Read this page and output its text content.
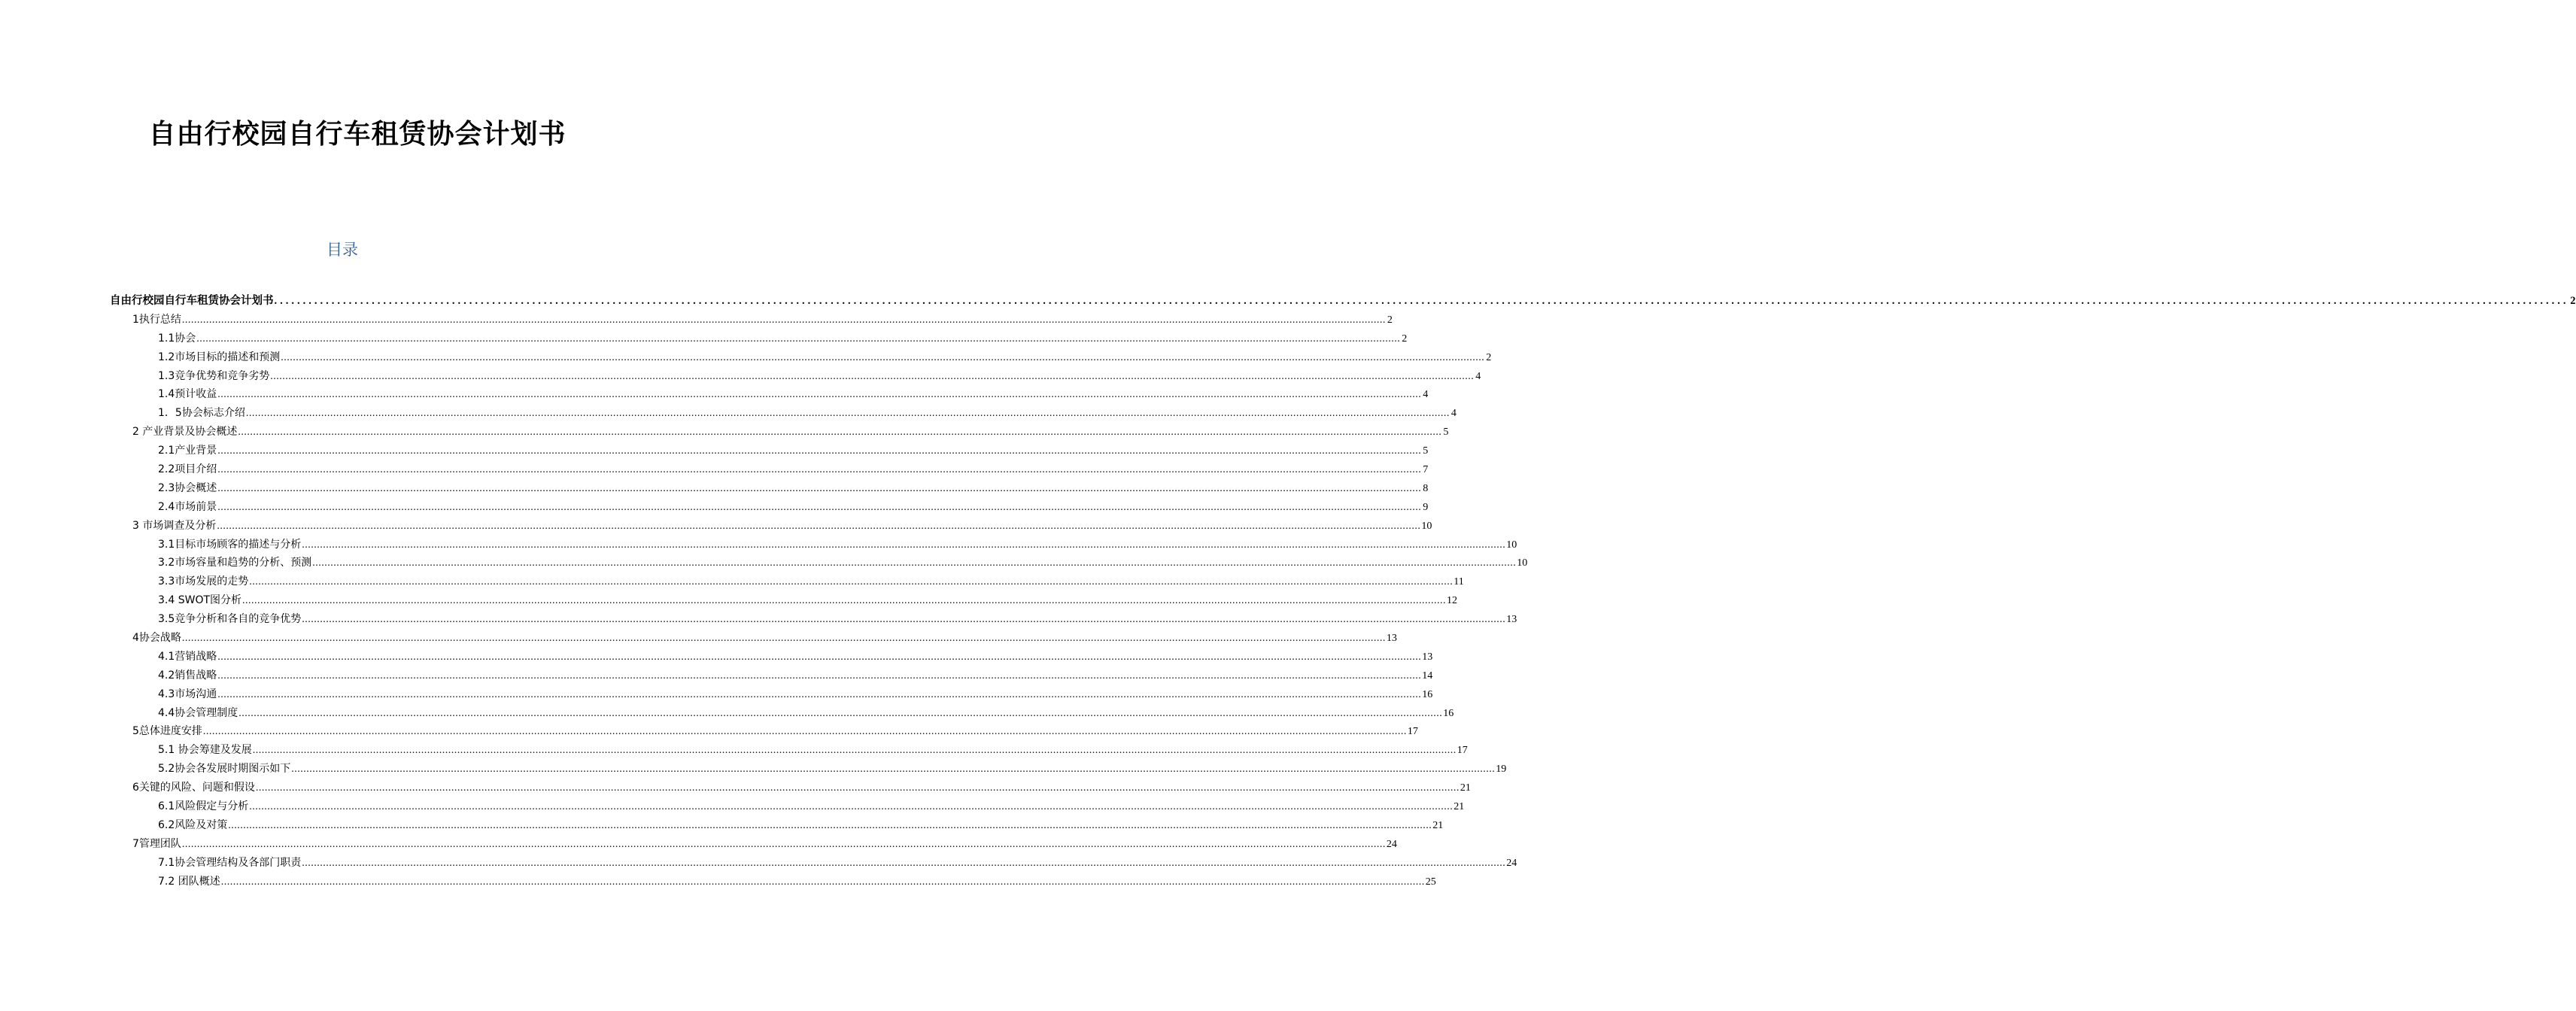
自由行校园自行车租赁协会计划书
目录
自由行校园自行车租赁协会计划书 ................................................................................................................................................................................................................................................................................................................................................................................................................ 2
1执行总结 ................................................................................................................................................................................................................................................................................................................................................................................................................ 2
1.1协会 ................................................................................................................................................................................................................................................................................................................................................................................................................ 2
1.2市场目标的描述和预测 ................................................................................................................................................................................................................................................................................................................................................................................................................ 2
1.3竞争优势和竞争劣势 ................................................................................................................................................................................................................................................................................................................................................................................................................ 4
1.4预计收益 ................................................................................................................................................................................................................................................................................................................................................................................................................ 4
1．5协会标志介绍 ................................................................................................................................................................................................................................................................................................................................................................................................................ 4
2 产业背景及协会概述 ................................................................................................................................................................................................................................................................................................................................................................................................................ 5
2.1产业背景 ................................................................................................................................................................................................................................................................................................................................................................................................................ 5
2.2项目介绍 ................................................................................................................................................................................................................................................................................................................................................................................................................ 7
2.3协会概述 ................................................................................................................................................................................................................................................................................................................................................................................................................ 8
2.4市场前景 ................................................................................................................................................................................................................................................................................................................................................................................................................ 9
3 市场调查及分析 ................................................................................................................................................................................................................................................................................................................................................................................................................ 10
3.1目标市场顾客的描述与分析 ................................................................................................................................................................................................................................................................................................................................................................................................................ 10
3.2市场容量和趋势的分析、预测 ................................................................................................................................................................................................................................................................................................................................................................................................................ 10
3.3市场发展的走势 ................................................................................................................................................................................................................................................................................................................................................................................................................ 11
3.4 SWOT图分析 ................................................................................................................................................................................................................................................................................................................................................................................................................ 12
3.5竞争分析和各自的竞争优势 ................................................................................................................................................................................................................................................................................................................................................................................................................ 13
4协会战略 ................................................................................................................................................................................................................................................................................................................................................................................................................ 13
4.1营销战略 ................................................................................................................................................................................................................................................................................................................................................................................................................ 13
4.2销售战略 ................................................................................................................................................................................................................................................................................................................................................................................................................ 14
4.3市场沟通 ................................................................................................................................................................................................................................................................................................................................................................................................................ 16
4.4协会管理制度 ................................................................................................................................................................................................................................................................................................................................................................................................................ 16
5总体进度安排 ................................................................................................................................................................................................................................................................................................................................................................................................................ 17
5.1 协会筹建及发展 ................................................................................................................................................................................................................................................................................................................................................................................................................ 17
5.2协会各发展时期图示如下 ................................................................................................................................................................................................................................................................................................................................................................................................................ 19
6关键的风险、问题和假设 ................................................................................................................................................................................................................................................................................................................................................................................................................ 21
6.1风险假定与分析 ................................................................................................................................................................................................................................................................................................................................................................................................................ 21
6.2风险及对策 ................................................................................................................................................................................................................................................................................................................................................................................................................ 21
7管理团队 ................................................................................................................................................................................................................................................................................................................................................................................................................ 24
7.1协会管理结构及各部门职责 ................................................................................................................................................................................................................................................................................................................................................................................................................ 24
7.2 团队概述 ................................................................................................................................................................................................................................................................................................................................................................................................................ 25
